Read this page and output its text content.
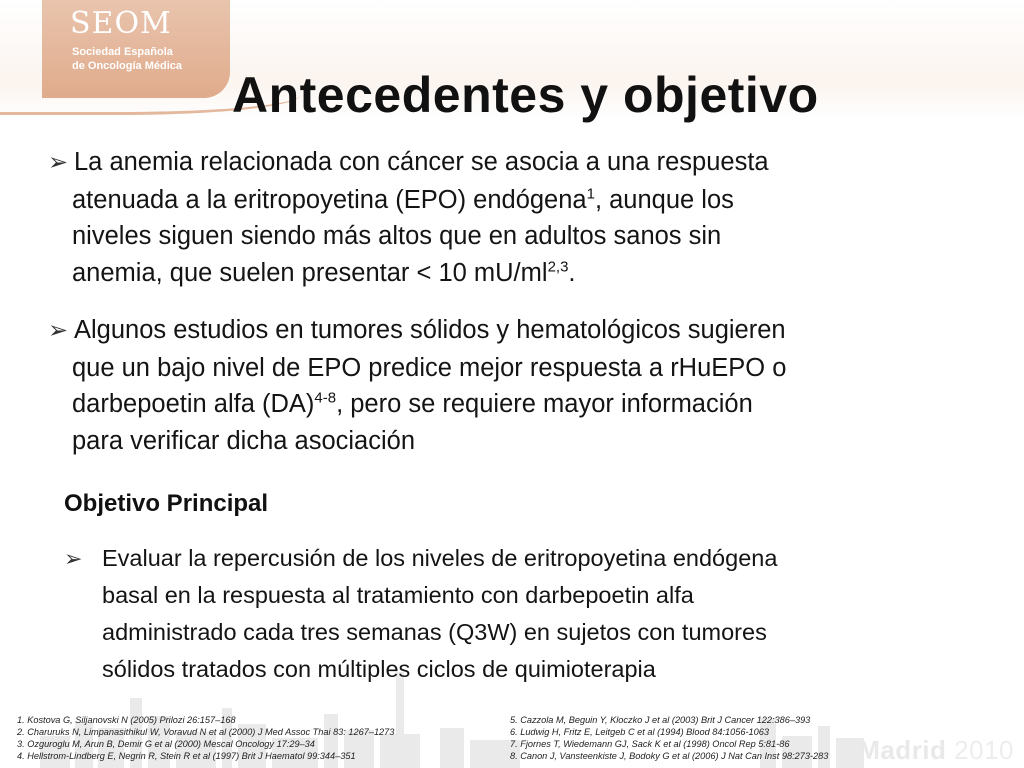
SEOM
Sociedad Española
de Oncología Médica
Antecedentes y objetivo
➢ La anemia relacionada con cáncer se asocia a una respuesta
atenuada a la eritropoyetina (EPO) endógena$^1$, aunque los
niveles siguen siendo más altos que en adultos sanos sin
anemia, que suelen presentar < 10 mU/ml$^{2,3}$.
➢ Algunos estudios en tumores sólidos y hematológicos sugieren
que un bajo nivel de EPO predice mejor respuesta a rHuEPO o
darbepoetin alfa (DA)$^{4-8}$, pero se requiere mayor información
para verificar dicha asociación
Objetivo Principal
➢ Evaluar la repercusión de los niveles de eritropoyetina endógena
basal en la respuesta al tratamiento con darbepoetin alfa
administrado cada tres semanas (Q3W) en sujetos con tumores
sólidos tratados con múltiples ciclos de quimioterapia
1. Kostova G, Siljanovski N (2005) Prilozi 26:157–168
2. Charuruks N, Limpanasithikul W, Voravud N et al (2000) J Med Assoc Thai 83: 1267–1273
3. Ozguroglu M, Arun B, Demir G et al (2000) Mescal Oncology 17:29–34
4. Hellstrom-Lindberg E, Negrin R, Stein R et al (1997) Brit J Haematol 99:344–351
5. Cazzola M, Beguin Y, Kloczko J et al (2003) Brit J Cancer 122:386–393
6. Ludwig H, Fritz E, Leitgeb C et al (1994) Blood 84:1056-1063
7. Fjornes T, Wiedemann GJ, Sack K et al (1998) Oncol Rep 5:81-86
8. Canon J, Vansteenkiste J, Bodoky G et al (2006) J Nat Can Inst 98:273-283 Madrid 2010
